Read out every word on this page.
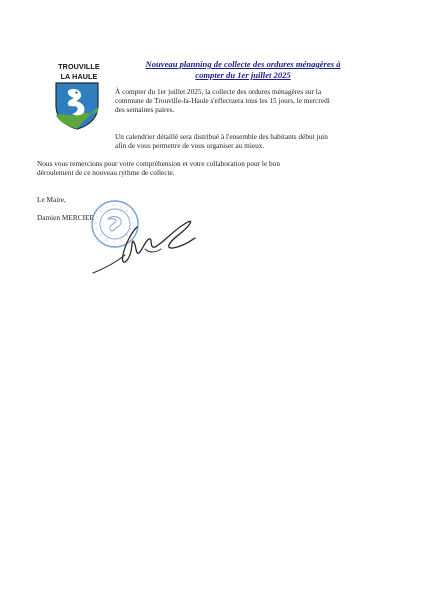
TROUVILLE
LA HAULE
Nouveau planning de collecte des ordures ménagères à
compter du 1er juillet 2025
À compter du 1er juillet 2025, la collecte des ordures ménagères sur la
commune de Trouville-la-Haule s'effectuera tous les 15 jours, le mercredi
des semaines paires.
Un calendrier détaillé sera distribué à l'ensemble des habitants début juin
afin de vous permettre de vous organiser au mieux.
Nous vous remercions pour votre compréhension et votre collaboration pour le bon
déroulement de ce nouveau rythme de collecte.
Le Maire,
Damien MERCIER
